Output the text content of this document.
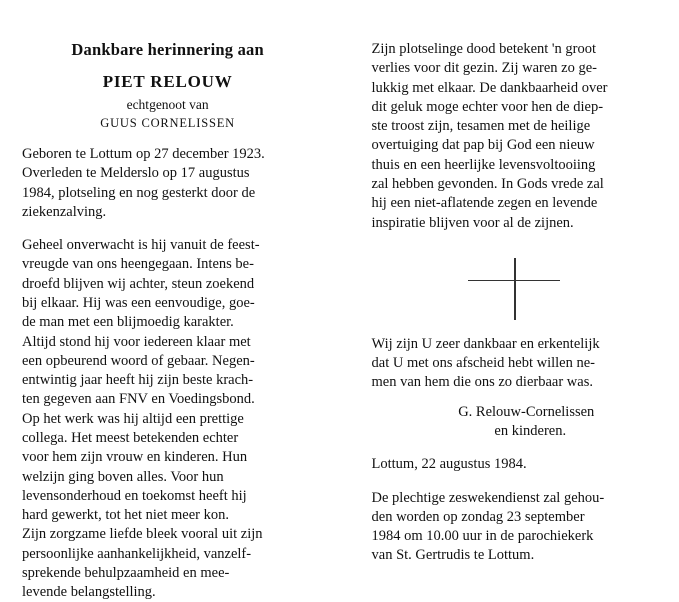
Dankbare herinnering aan
PIET RELOUW
echtgenoot van
GUUS CORNELISSEN
Geboren te Lottum op 27 december 1923.
Overleden te Melderslo op 17 augustus
1984, plotseling en nog gesterkt door de
ziekenzalving.
Geheel onverwacht is hij vanuit de feest-
vreugde van ons heengegaan. Intens be-
droefd blijven wij achter, steun zoekend
bij elkaar. Hij was een eenvoudige, goe-
de man met een blijmoedig karakter.
Altijd stond hij voor iedereen klaar met
een opbeurend woord of gebaar. Negen-
entwintig jaar heeft hij zijn beste krach-
ten gegeven aan FNV en Voedingsbond.
Op het werk was hij altijd een prettige
collega. Het meest betekenden echter
voor hem zijn vrouw en kinderen. Hun
welzijn ging boven alles. Voor hun
levensonderhoud en toekomst heeft hij
hard gewerkt, tot het niet meer kon.
Zijn zorgzame liefde bleek vooral uit zijn
persoonlijke aanhankelijkheid, vanzelf-
sprekende behulpzaamheid en mee-
levende belangstelling.
Zijn plotselinge dood betekent 'n groot
verlies voor dit gezin. Zij waren zo ge-
lukkig met elkaar. De dankbaarheid over
dit geluk moge echter voor hen de diep-
ste troost zijn, tesamen met de heilige
overtuiging dat pap bij God een nieuw
thuis en een heerlijke levensvoltooiing
zal hebben gevonden. In Gods vrede zal
hij een niet-aflatende zegen en levende
inspiratie blijven voor al de zijnen.
Wij zijn U zeer dankbaar en erkentelijk
dat U met ons afscheid hebt willen ne-
men van hem die ons zo dierbaar was.
G. Relouw-Cornelissen
en kinderen.
Lottum, 22 augustus 1984.
De plechtige zeswekendienst zal gehou-
den worden op zondag 23 september
1984 om 10.00 uur in de parochiekerk
van St. Gertrudis te Lottum.
